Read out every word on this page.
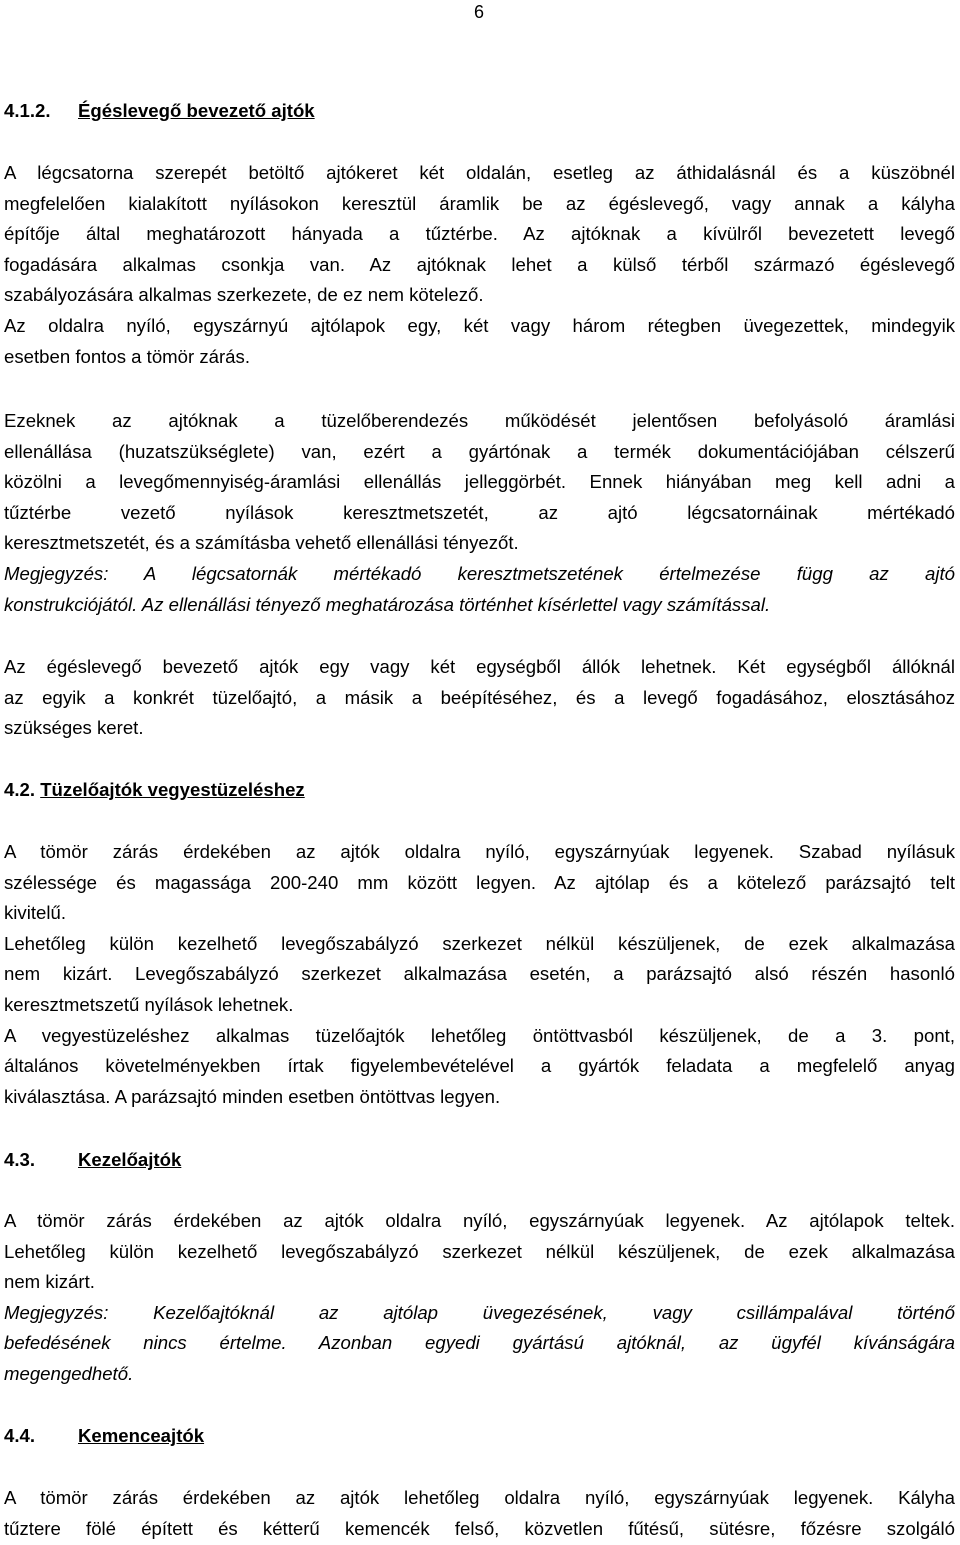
6
4.1.2. Égéslevegő bevezető ajtók
A légcsatorna szerepét betöltő ajtókeret két oldalán, esetleg az áthidalásnál és a küszöbnél
megfelelően kialakított nyílásokon keresztül áramlik be az égéslevegő, vagy annak a kályha
építője által meghatározott hányada a tűztérbe. Az ajtóknak a kívülről bevezetett levegő
fogadására alkalmas csonkja van. Az ajtóknak lehet a külső térből származó égéslevegő
szabályozására alkalmas szerkezete, de ez nem kötelező.
Az oldalra nyíló, egyszárnyú ajtólapok egy, két vagy három rétegben üvegezettek, mindegyik
esetben fontos a tömör zárás.
Ezeknek az ajtóknak a tüzelőberendezés működését jelentősen befolyásoló áramlási
ellenállása (huzatszükséglete) van, ezért a gyártónak a termék dokumentációjában célszerű
közölni a levegőmennyiség-áramlási ellenállás jelleggörbét. Ennek hiányában meg kell adni a
tűztérbe vezető nyílások keresztmetszetét, az ajtó légcsatornáinak mértékadó
keresztmetszetét, és a számításba vehető ellenállási tényezőt.
Megjegyzés: A légcsatornák mértékadó keresztmetszetének értelmezése függ az ajtó
konstrukciójától. Az ellenállási tényező meghatározása történhet kísérlettel vagy számítással.
Az égéslevegő bevezető ajtók egy vagy két egységből állók lehetnek. Két egységből állóknál
az egyik a konkrét tüzelőajtó, a másik a beépítéséhez, és a levegő fogadásához, elosztásához
szükséges keret.
4.2. Tüzelőajtók vegyestüzeléshez
A tömör zárás érdekében az ajtók oldalra nyíló, egyszárnyúak legyenek. Szabad nyílásuk
szélessége és magassága 200-240 mm között legyen. Az ajtólap és a kötelező parázsajtó telt
kivitelű.
Lehetőleg külön kezelhető levegőszabályzó szerkezet nélkül készüljenek, de ezek alkalmazása
nem kizárt. Levegőszabályzó szerkezet alkalmazása esetén, a parázsajtó alsó részén hasonló
keresztmetszetű nyílások lehetnek.
A vegyestüzeléshez alkalmas tüzelőajtók lehetőleg öntöttvasból készüljenek, de a 3. pont,
általános követelményekben írtak figyelembevételével a gyártók feladata a megfelelő anyag
kiválasztása. A parázsajtó minden esetben öntöttvas legyen.
4.3. Kezelőajtók
A tömör zárás érdekében az ajtók oldalra nyíló, egyszárnyúak legyenek. Az ajtólapok teltek.
Lehetőleg külön kezelhető levegőszabályzó szerkezet nélkül készüljenek, de ezek alkalmazása
nem kizárt.
Megjegyzés: Kezelőajtóknál az ajtólap üvegezésének, vagy csillámpalával történő
befedésének nincs értelme. Azonban egyedi gyártású ajtóknál, az ügyfél kívánságára
megengedhető.
4.4. Kemenceajtók
A tömör zárás érdekében az ajtók lehetőleg oldalra nyíló, egyszárnyúak legyenek. Kályha
tűztere fölé épített és kétterű kemencék felső, közvetlen fűtésű, sütésre, főzésre szolgáló
